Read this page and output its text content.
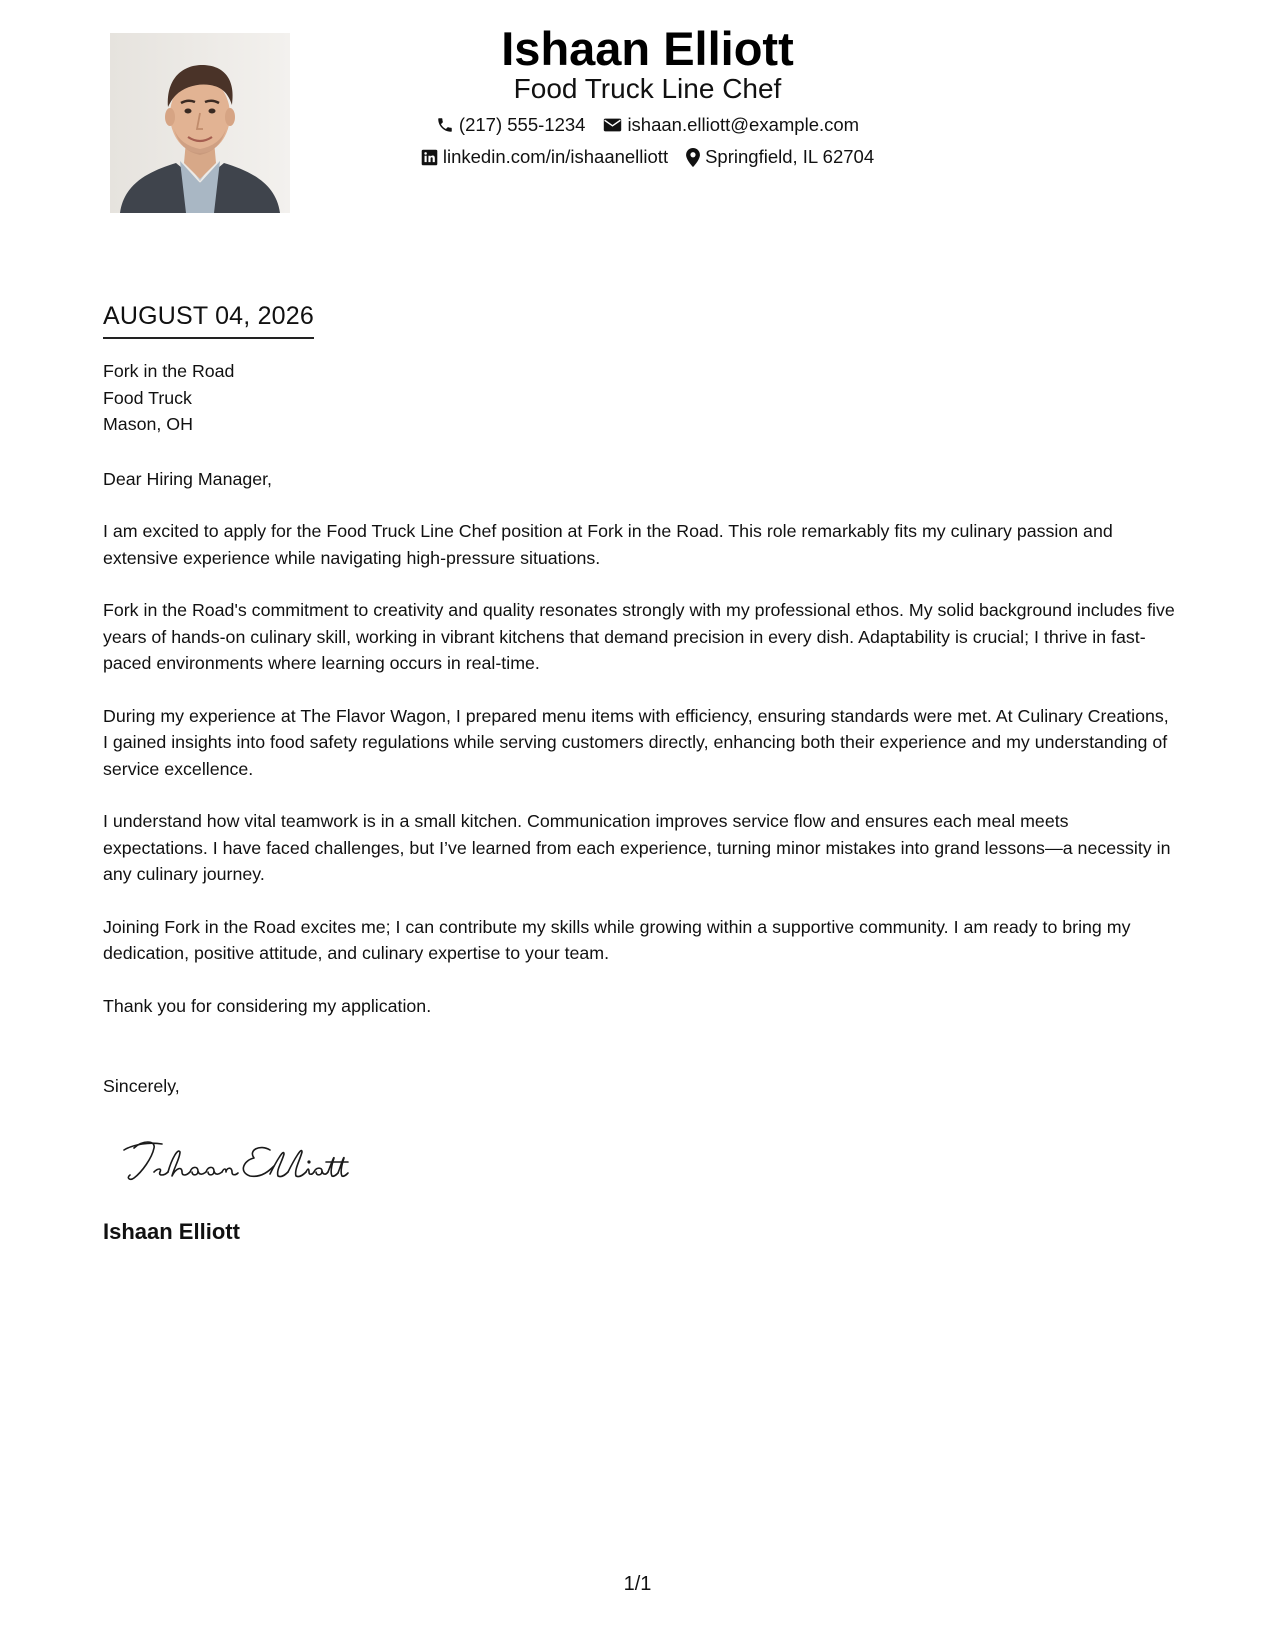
Ishaan Elliott
Food Truck Line Chef
(217) 555-1234 ishaan.elliott@example.com
linkedin.com/in/ishaanelliott Springfield, IL 62704
AUGUST 04, 2026
Fork in the Road
Food Truck
Mason, OH
Dear Hiring Manager,

I am excited to apply for the Food Truck Line Chef position at Fork in the Road. This role remarkably fits my culinary passion and extensive experience while navigating high-pressure situations.

Fork in the Road's commitment to creativity and quality resonates strongly with my professional ethos. My solid background includes five years of hands-on culinary skill, working in vibrant kitchens that demand precision in every dish. Adaptability is crucial; I thrive in fast-paced environments where learning occurs in real-time.

During my experience at The Flavor Wagon, I prepared menu items with efficiency, ensuring standards were met. At Culinary Creations, I gained insights into food safety regulations while serving customers directly, enhancing both their experience and my understanding of service excellence.

I understand how vital teamwork is in a small kitchen. Communication improves service flow and ensures each meal meets expectations. I have faced challenges, but I’ve learned from each experience, turning minor mistakes into grand lessons—a necessity in any culinary journey.

Joining Fork in the Road excites me; I can contribute my skills while growing within a supportive community. I am ready to bring my dedication, positive attitude, and culinary expertise to your team.

Thank you for considering my application.

Sincerely,
Ishaan Elliott
1/1
